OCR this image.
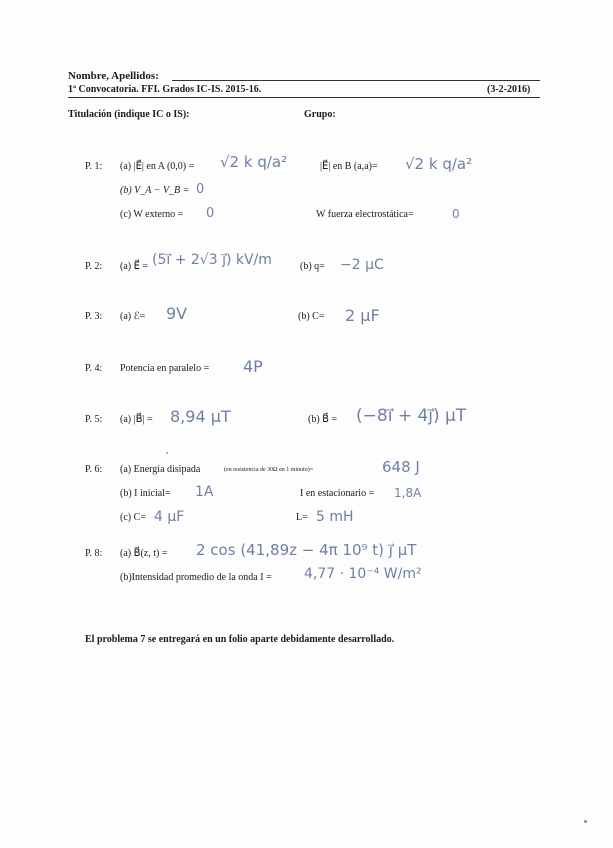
Nombre, Apellidos:
1ª Convocatoria. FFI. Grados IC-IS. 2015-16.	(3-2-2016)
Titulación (indique IC o IS):	Grupo:
P. 1: (a) |E⃗| en A (0,0) = √2 k q/a²	|E⃗| en B (a,a)= √2 k q/a²
(b) V_A − V_B = 0
(c) W externo = 0	W fuerza electrostática=	0
P. 2: (a) E⃗ = (5i⃗ + 2√3 j⃗) kV/m	(b) q= −2 μC
P. 3: (a) ℰ= 9V	(b) C= 2 μF
P. 4: Potencia en paralelo = 4P
P. 5: (a) |B⃗| = 8,94 μT	(b) B⃗ = (−8i⃗ + 4j⃗) μT
P. 6: (a) Energía disipada	(en resistencia de 30Ω en 1 minuto)=	648 J
(b) I inicial= 1A	I en estacionario = 1,8A
(c) C= 4 μF	L= 5 mH
P. 8: (a) B⃗(z, t) = 2 cos (41,89z − 4π 10⁹ t) j⃗ μT
(b)Intensidad promedio de la onda I = 4,77 · 10⁻⁴ W/m²
El problema 7 se entregará en un folio aparte debidamente desarrollado.
